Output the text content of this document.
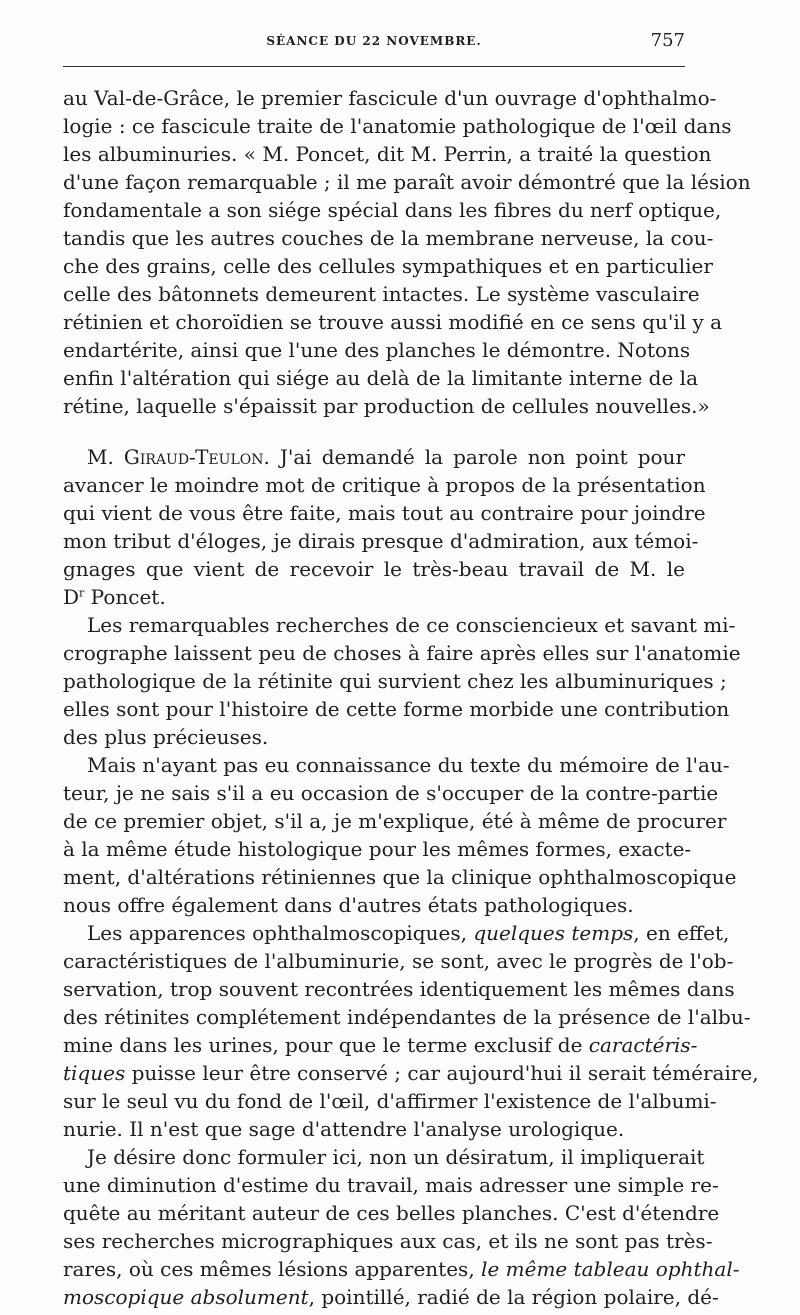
SÉANCE DU 22 NOVEMBRE.	757
au Val-de-Grâce, le premier fascicule d'un ouvrage d'ophthalmo-
logie : ce fascicule traite de l'anatomie pathologique de l'œil dans
les albuminuries. « M. Poncet, dit M. Perrin, a traité la question
d'une façon remarquable ; il me paraît avoir démontré que la lésion
fondamentale a son siége spécial dans les fibres du nerf optique,
tandis que les autres couches de la membrane nerveuse, la cou-
che des grains, celle des cellules sympathiques et en particulier
celle des bâtonnets demeurent intactes. Le système vasculaire
rétinien et choroïdien se trouve aussi modifié en ce sens qu'il y a
endartérite, ainsi que l'une des planches le démontre. Notons
enfin l'altération qui siége au delà de la limitante interne de la
rétine, laquelle s'épaissit par production de cellules nouvelles.»
M. Giraud-Teulon. J'ai demandé la parole non point pour
avancer le moindre mot de critique à propos de la présentation
qui vient de vous être faite, mais tout au contraire pour joindre
mon tribut d'éloges, je dirais presque d'admiration, aux témoi-
gnages que vient de recevoir le très-beau travail de M. le
$D^r$ Poncet.
Les remarquables recherches de ce consciencieux et savant mi-
crographe laissent peu de choses à faire après elles sur l'anatomie
pathologique de la rétinite qui survient chez les albuminuriques ;
elles sont pour l'histoire de cette forme morbide une contribution
des plus précieuses.
Mais n'ayant pas eu connaissance du texte du mémoire de l'au-
teur, je ne sais s'il a eu occasion de s'occuper de la contre-partie
de ce premier objet, s'il a, je m'explique, été à même de procurer
à la même étude histologique pour les mêmes formes, exacte-
ment, d'altérations rétiniennes que la clinique ophthalmoscopique
nous offre également dans d'autres états pathologiques.
Les apparences ophthalmoscopiques, quelques temps, en effet,
caractéristiques de l'albuminurie, se sont, avec le progrès de l'ob-
servation, trop souvent recontrées identiquement les mêmes dans
des rétinites complétement indépendantes de la présence de l'albu-
mine dans les urines, pour que le terme exclusif de caractéris-
tiques puisse leur être conservé ; car aujourd'hui il serait téméraire,
sur le seul vu du fond de l'œil, d'affirmer l'existence de l'albumi-
nurie. Il n'est que sage d'attendre l'analyse urologique.
Je désire donc formuler ici, non un désiratum, il impliquerait
une diminution d'estime du travail, mais adresser une simple re-
quête au méritant auteur de ces belles planches. C'est d'étendre
ses recherches micrographiques aux cas, et ils ne sont pas très-
rares, où ces mêmes lésions apparentes, le même tableau ophthal-
moscopique absolument, pointillé, radié de la région polaire, dé-
